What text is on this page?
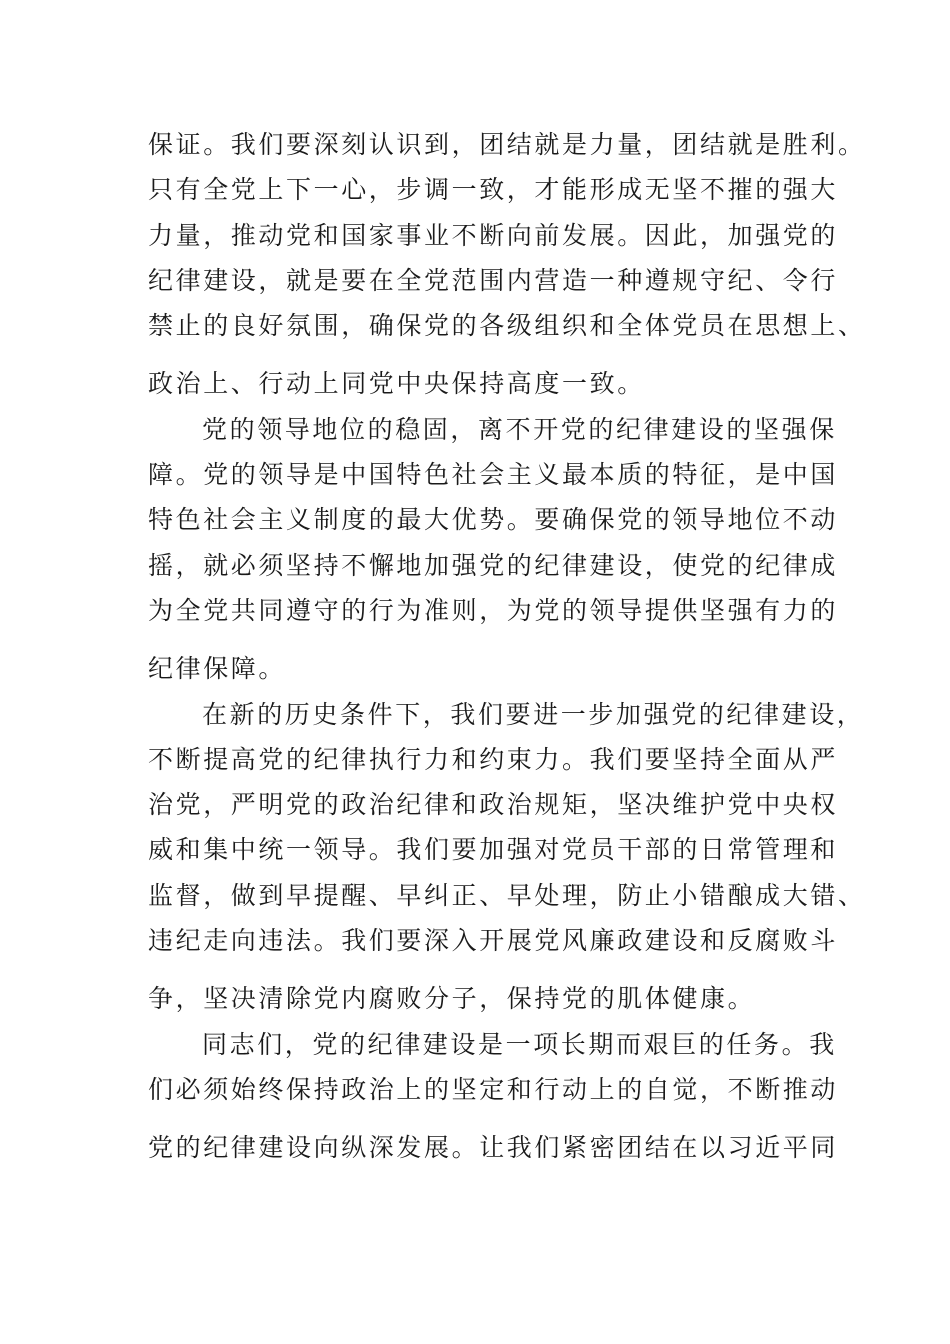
保证。我们要深刻认识到，团结就是力量，团结就是胜利。
只有全党上下一心，步调一致，才能形成无坚不摧的强大
力量，推动党和国家事业不断向前发展。因此，加强党的
纪律建设，就是要在全党范围内营造一种遵规守纪、令行
禁止的良好氛围，确保党的各级组织和全体党员在思想上、
政治上、行动上同党中央保持高度一致。
党的领导地位的稳固，离不开党的纪律建设的坚强保
障。党的领导是中国特色社会主义最本质的特征，是中国
特色社会主义制度的最大优势。要确保党的领导地位不动
摇，就必须坚持不懈地加强党的纪律建设，使党的纪律成
为全党共同遵守的行为准则，为党的领导提供坚强有力的
纪律保障。
在新的历史条件下，我们要进一步加强党的纪律建设，
不断提高党的纪律执行力和约束力。我们要坚持全面从严
治党，严明党的政治纪律和政治规矩，坚决维护党中央权
威和集中统一领导。我们要加强对党员干部的日常管理和
监督，做到早提醒、早纠正、早处理，防止小错酿成大错、
违纪走向违法。我们要深入开展党风廉政建设和反腐败斗
争，坚决清除党内腐败分子，保持党的肌体健康。
同志们，党的纪律建设是一项长期而艰巨的任务。我
们必须始终保持政治上的坚定和行动上的自觉，不断推动
党的纪律建设向纵深发展。让我们紧密团结在以习近平同
